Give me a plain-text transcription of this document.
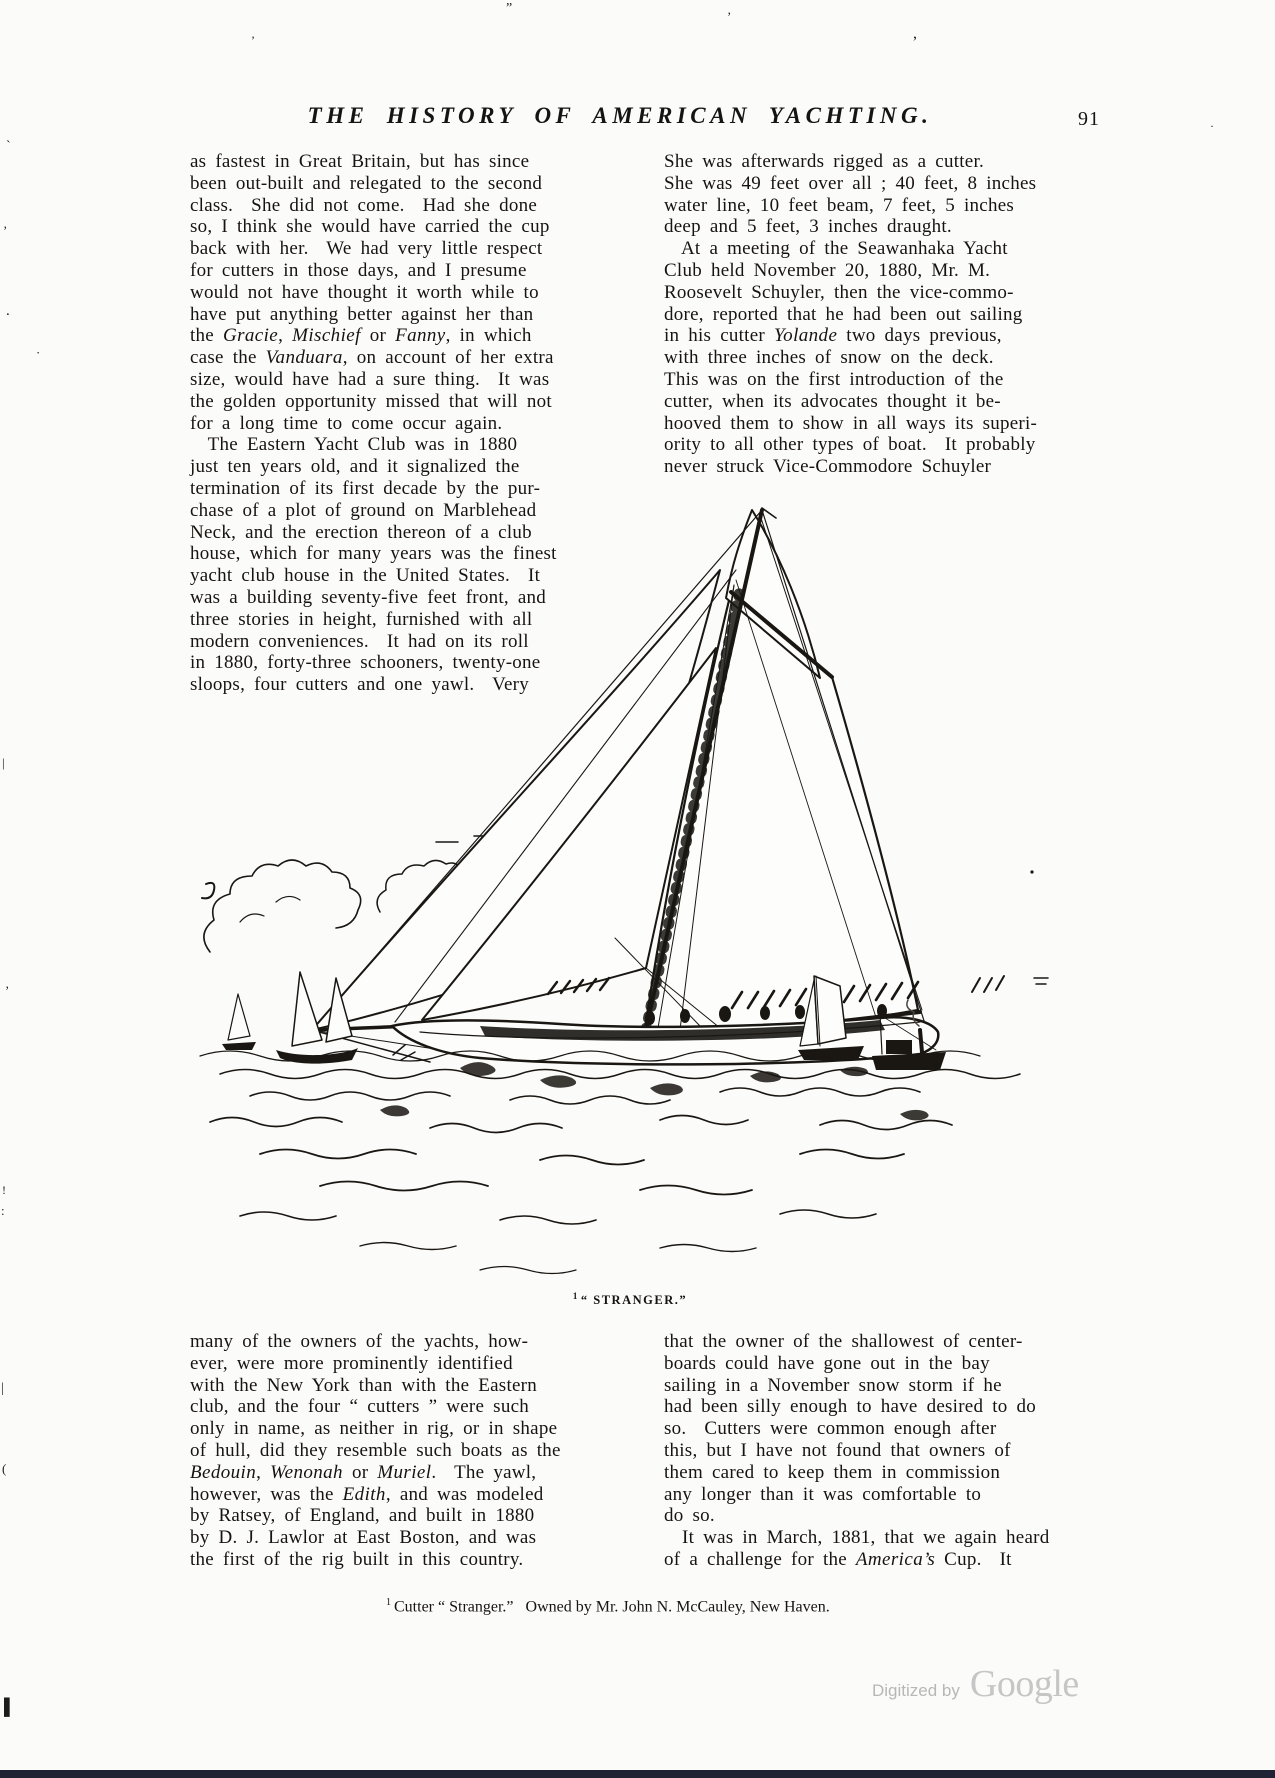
THE HISTORY OF AMERICAN YACHTING.	91
as fastest in Great Britain, but has since
been out-built and relegated to the second
class.  She did not come.  Had she done
so, I think she would have carried the cup
back with her.  We had very little respect
for cutters in those days, and I presume
would not have thought it worth while to
have put anything better against her than
the Gracie, Mischief or Fanny, in which
case the Vanduara, on account of her extra
size, would have had a sure thing.  It was
the golden opportunity missed that will not
for a long time to come occur again.
The Eastern Yacht Club was in 1880
just ten years old, and it signalized the
termination of its first decade by the pur-
chase of a plot of ground on Marblehead
Neck, and the erection thereon of a club
house, which for many years was the finest
yacht club house in the United States.  It
was a building seventy-five feet front, and
three stories in height, furnished with all
modern conveniences.  It had on its roll
in 1880, forty-three schooners, twenty-one
sloops, four cutters and one yawl.  Very
She was afterwards rigged as a cutter.
She was 49 feet over all ; 40 feet, 8 inches
water line, 10 feet beam, 7 feet, 5 inches
deep and 5 feet, 3 inches draught.
At a meeting of the Seawanhaka Yacht
Club held November 20, 1880, Mr. M.
Roosevelt Schuyler, then the vice-commo-
dore, reported that he had been out sailing
in his cutter Yolande two days previous,
with three inches of snow on the deck.
This was on the first introduction of the
cutter, when its advocates thought it be-
hooved them to show in all ways its superi-
ority to all other types of boat.  It probably
never struck Vice-Commodore Schuyler
$^1$ “ STRANGER.”
many of the owners of the yachts, how-
ever, were more prominently identified
with the New York than with the Eastern
club, and the four “ cutters ” were such
only in name, as neither in rig, or in shape
of hull, did they resemble such boats as the
Bedouin, Wenonah or Muriel.  The yawl,
however, was the Edith, and was modeled
by Ratsey, of England, and built in 1880
by D. J. Lawlor at East Boston, and was
the first of the rig built in this country.
that the owner of the shallowest of center-
boards could have gone out in the bay
sailing in a November snow storm if he
had been silly enough to have desired to do
so.  Cutters were common enough after
this, but I have not found that owners of
them cared to keep them in commission
any longer than it was comfortable to
do so.
It was in March, 1881, that we again heard
of a challenge for the America’s Cup.  It
$^1$ Cutter “ Stranger.”   Owned by Mr. John N. McCauley, New Haven.
Digitized by Google
”
’
,
’
`
’
.
·
|
’
!
:
|
(
▌
·
